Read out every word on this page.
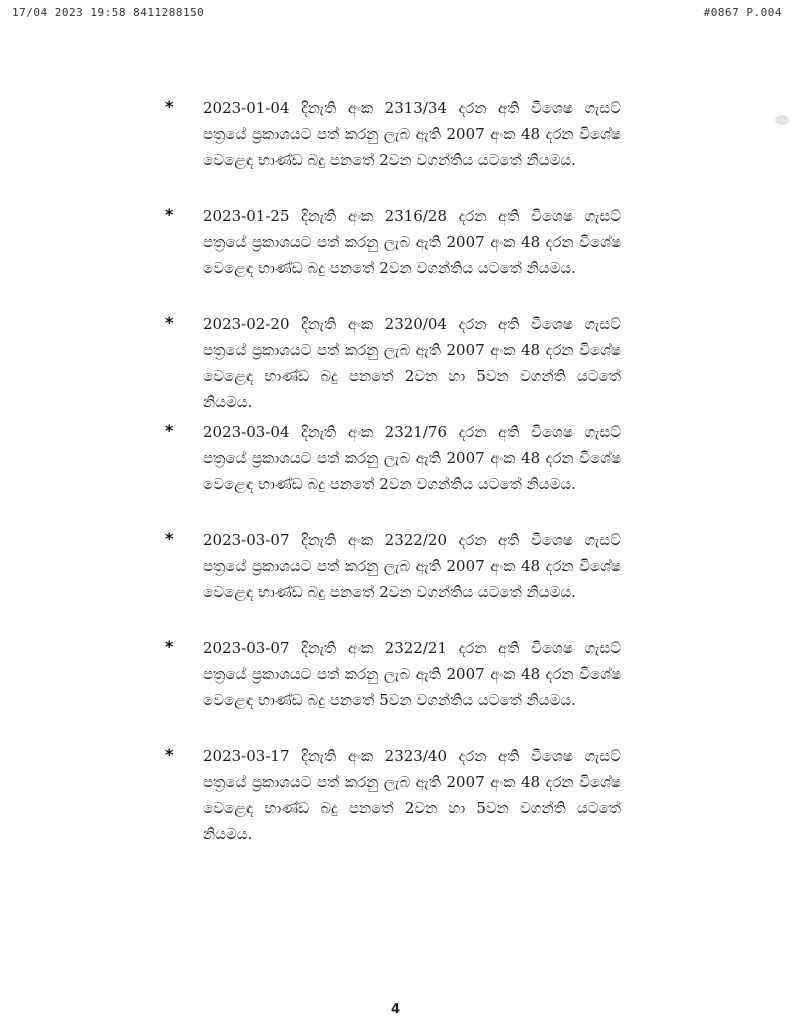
17/04 2023 19:58 8411288150	#0867 P.004
* 2023-01-04 දිනැති අංක 2313/34 දරන අති විශෙෂ ගැසට් පත්‍රයේ ප්‍රකාශයට පත් කරනු ලැබ ඇති 2007 අංක 48 දරන විශේෂ වෙළෙඳ භාණ්ඩ බදු පනතේ 2වන වගන්තිය යටතේ නියමය.
* 2023-01-25 දිනැති අංක 2316/28 දරන අති විශෙෂ ගැසට් පත්‍රයේ ප්‍රකාශයට පත් කරනු ලැබ ඇති 2007 අංක 48 දරන විශේෂ වෙළෙඳ භාණ්ඩ බදු පනතේ 2වන වගන්තිය යටතේ නියමය.
* 2023-02-20 දිනැති අංක 2320/04 දරන අති විශෙෂ ගැසට් පත්‍රයේ ප්‍රකාශයට පත් කරනු ලැබ ඇති 2007 අංක 48 දරන විශේෂ වෙළෙඳ භාණ්ඩ බදු පනතේ 2වන හා 5වන වගන්ති යටතේ නියමය.
* 2023-03-04 දිනැති අංක 2321/76 දරන අති විශෙෂ ගැසට් පත්‍රයේ ප්‍රකාශයට පත් කරනු ලැබ ඇති 2007 අංක 48 දරන විශේෂ වෙළෙඳ භාණ්ඩ බදු පනතේ 2වන වගන්තිය යටතේ නියමය.
* 2023-03-07 දිනැති අංක 2322/20 දරන අති විශෙෂ ගැසට් පත්‍රයේ ප්‍රකාශයට පත් කරනු ලැබ ඇති 2007 අංක 48 දරන විශේෂ වෙළෙඳ භාණ්ඩ බදු පනතේ 2වන වගන්තිය යටතේ නියමය.
* 2023-03-07 දිනැති අංක 2322/21 දරන අති විශෙෂ ගැසට් පත්‍රයේ ප්‍රකාශයට පත් කරනු ලැබ ඇති 2007 අංක 48 දරන විශේෂ වෙළෙඳ භාණ්ඩ බදු පනතේ 5වන වගන්තිය යටතේ නියමය.
* 2023-03-17 දිනැති අංක 2323/40 දරන අති විශෙෂ ගැසට් පත්‍රයේ ප්‍රකාශයට පත් කරනු ලැබ ඇති 2007 අංක 48 දරන විශේෂ වෙළෙඳ භාණ්ඩ බදු පනතේ 2වන හා 5වන වගන්ති යටතේ නියමය.
4
